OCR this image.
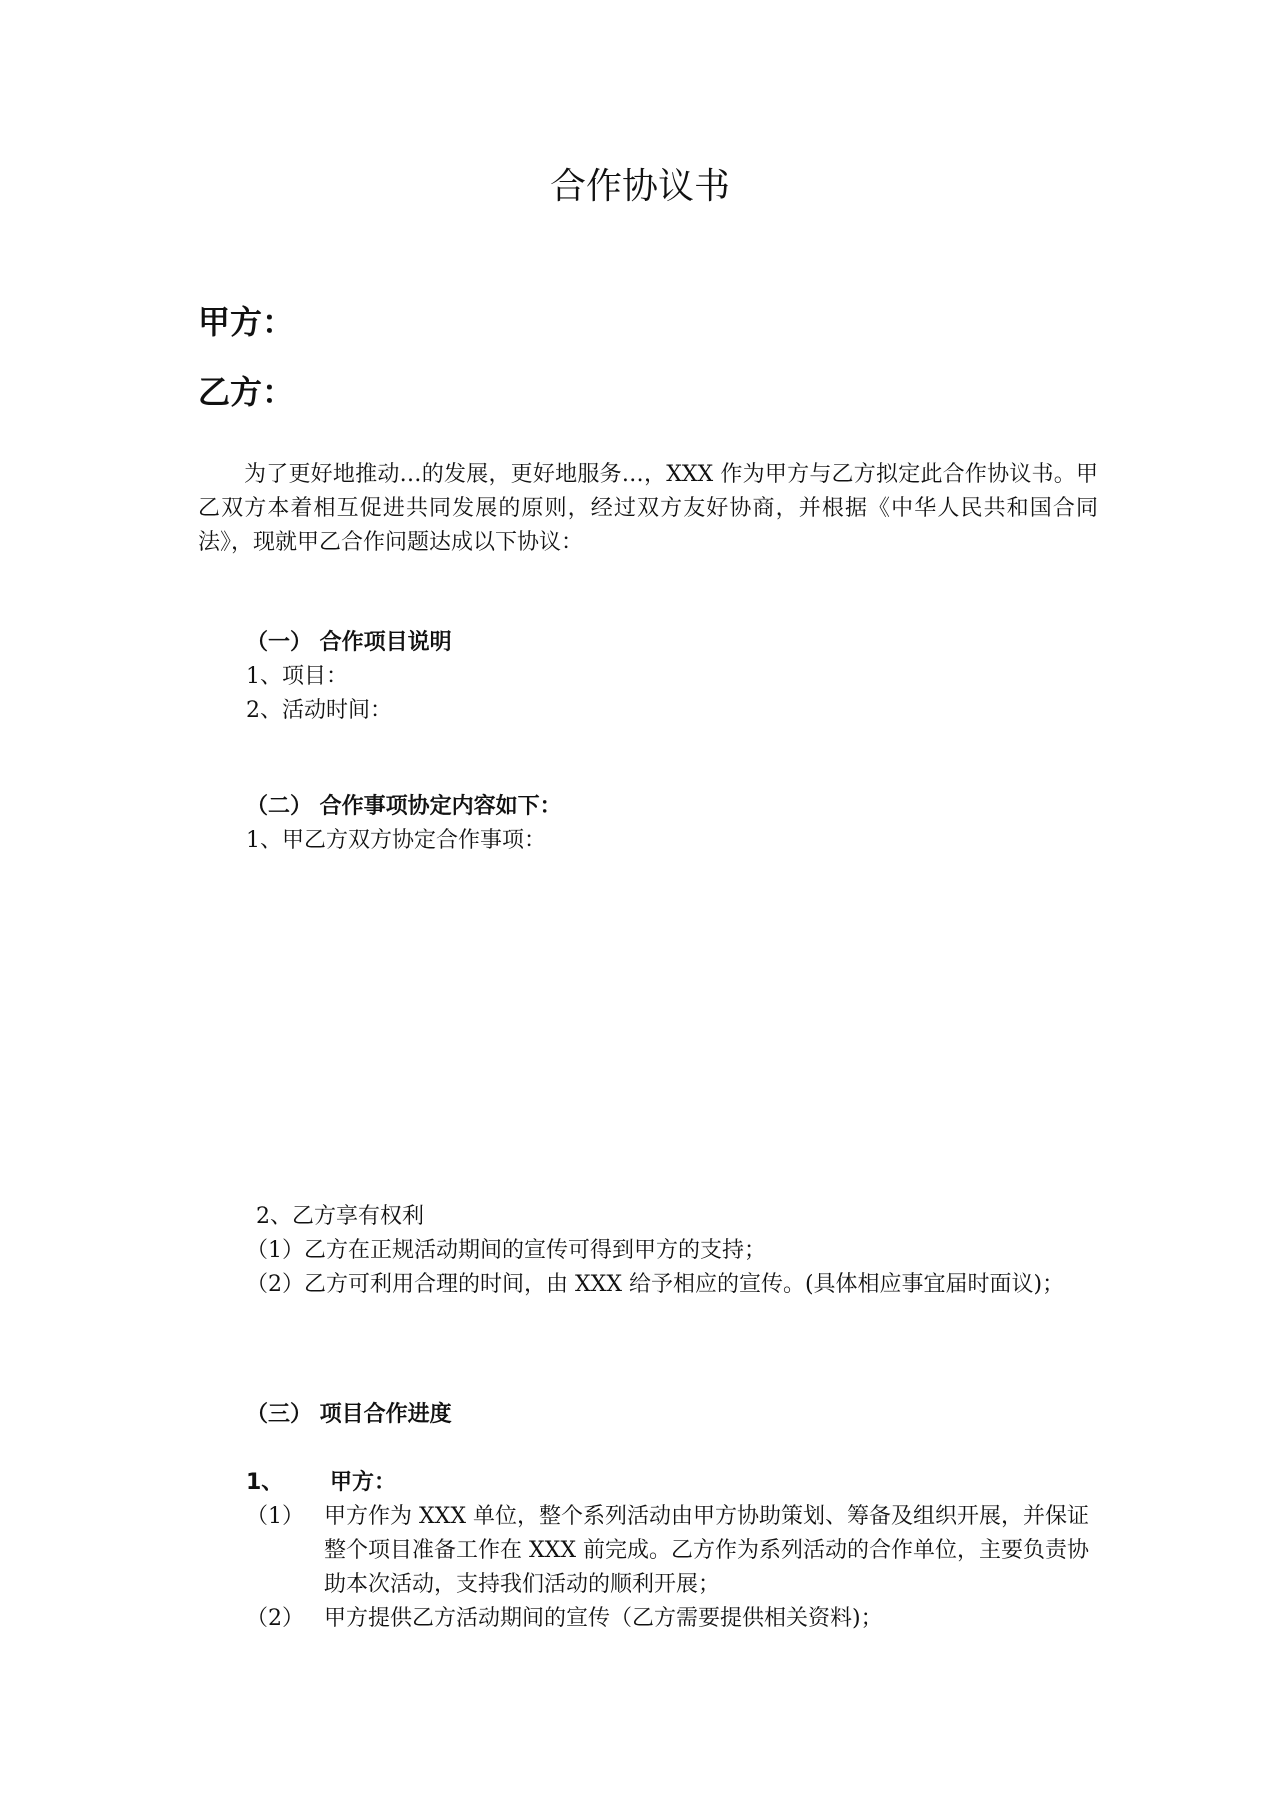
合作协议书
甲方：
乙方：

为了更好地推动…的发展，更好地服务…，XXX 作为甲方与乙方拟定此合作协议书。甲乙双方本着相互促进共同发展的原则，经过双方友好协商，并根据《中华人民共和国合同法》，现就甲乙合作问题达成以下协议：

（一） 合作项目说明
1、项目：
2、活动时间：
（二） 合作事项协定内容如下：
1、甲乙方双方协定合作事项：
2、乙方享有权利
（1）乙方在正规活动期间的宣传可得到甲方的支持；
（2）乙方可利用合理的时间，由 XXX 给予相应的宣传。(具体相应事宜届时面议)；
（三） 项目合作进度
1、 甲方：
（1） 甲方作为 XXX 单位，整个系列活动由甲方协助策划、筹备及组织开展，并保证整个项目准备工作在 XXX 前完成。乙方作为系列活动的合作单位，主要负责协助本次活动，支持我们活动的顺利开展；
（2） 甲方提供乙方活动期间的宣传（乙方需要提供相关资料)；
